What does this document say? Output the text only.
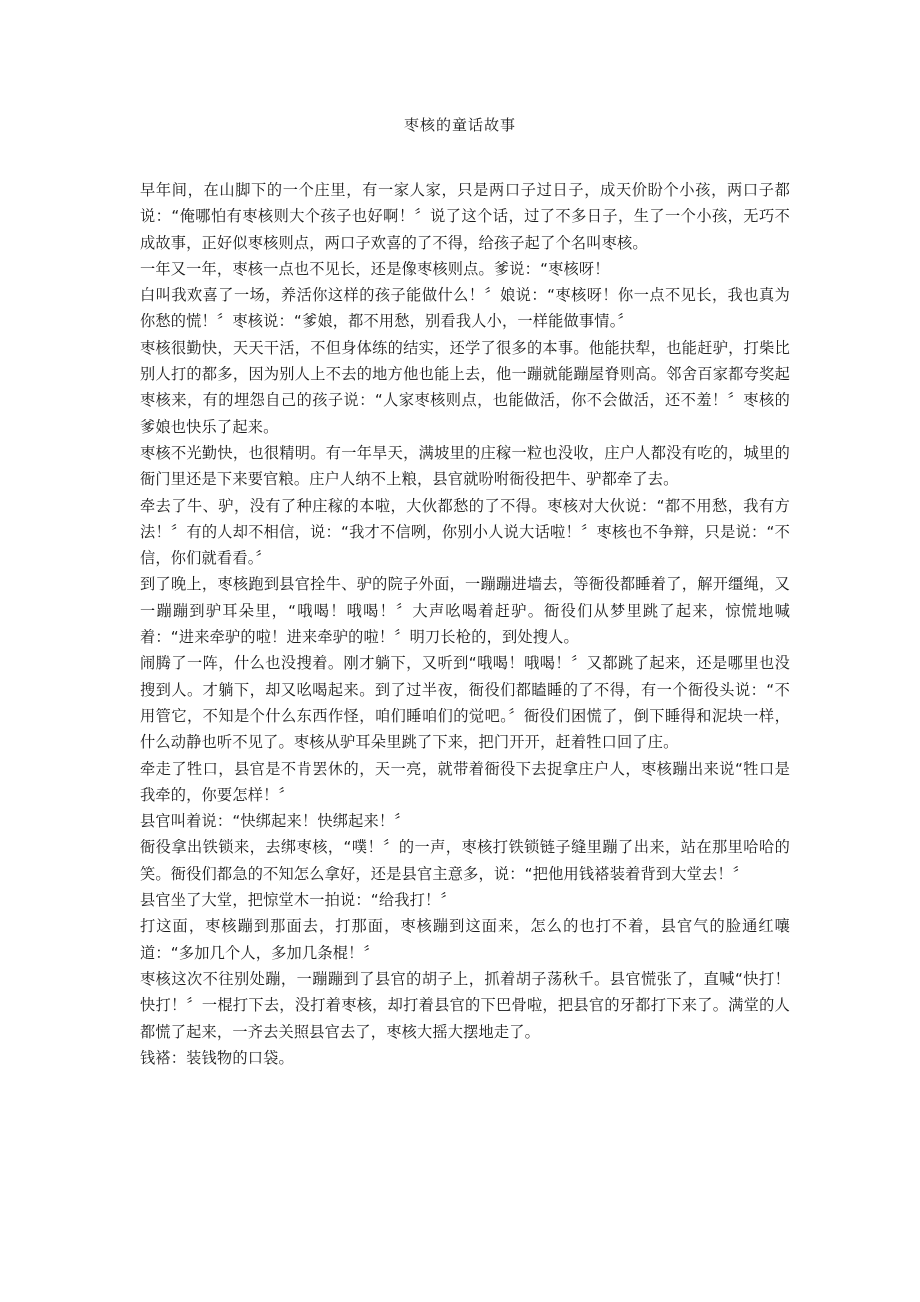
枣核的童话故事

早年间，在山脚下的一个庄里，有一家人家，只是两口子过日子，成天价盼个小孩，两口子都说：“俺哪怕有枣核则大个孩子也好啊！〞说了这个话，过了不多日子，生了一个小孩，无巧不成故事，正好似枣核则点，两口子欢喜的了不得，给孩子起了个名叫枣核。

一年又一年，枣核一点也不见长，还是像枣核则点。爹说：“枣核呀！

白叫我欢喜了一场，养活你这样的孩子能做什么！〞娘说：“枣核呀！你一点不见长，我也真为你愁的慌！〞枣核说：“爹娘，都不用愁，别看我人小，一样能做事情。〞

枣核很勤快，天天干活，不但身体练的结实，还学了很多的本事。他能扶犁，也能赶驴，打柴比别人打的都多，因为别人上不去的地方他也能上去，他一蹦就能蹦屋脊则高。邻舍百家都夸奖起枣核来，有的埋怨自己的孩子说：“人家枣核则点，也能做活，你不会做活，还不羞！〞枣核的爹娘也快乐了起来。

枣核不光勤快，也很精明。有一年旱天，满坡里的庄稼一粒也没收，庄户人都没有吃的，城里的衙门里还是下来要官粮。庄户人纳不上粮，县官就吩咐衙役把牛、驴都牵了去。

牵去了牛、驴，没有了种庄稼的本啦，大伙都愁的了不得。枣核对大伙说：“都不用愁，我有方法！〞有的人却不相信，说：“我才不信咧，你别小人说大话啦！〞枣核也不争辩，只是说：“不信，你们就看看。〞

到了晚上，枣核跑到县官拴牛、驴的院子外面，一蹦蹦进墙去，等衙役都睡着了，解开缰绳，又一蹦蹦到驴耳朵里，“哦喝！哦喝！〞大声吆喝着赶驴。衙役们从梦里跳了起来，惊慌地喊着：“进来牵驴的啦！进来牵驴的啦！〞明刀长枪的，到处搜人。

闹腾了一阵，什么也没搜着。刚才躺下，又听到“哦喝！哦喝！〞又都跳了起来，还是哪里也没搜到人。才躺下，却又吆喝起来。到了过半夜，衙役们都瞌睡的了不得，有一个衙役头说：“不用管它，不知是个什么东西作怪，咱们睡咱们的觉吧。〞衙役们困慌了，倒下睡得和泥块一样，什么动静也听不见了。枣核从驴耳朵里跳了下来，把门开开，赶着牲口回了庄。

牵走了牲口，县官是不肯罢休的，天一亮，就带着衙役下去捉拿庄户人，枣核蹦出来说“牲口是我牵的，你要怎样！〞

县官叫着说：“快绑起来！快绑起来！〞

衙役拿出铁锁来，去绑枣核，“噗！〞的一声，枣核打铁锁链子缝里蹦了出来，站在那里哈哈的笑。衙役们都急的不知怎么拿好，还是县官主意多，说：“把他用钱褡装着背到大堂去！〞

县官坐了大堂，把惊堂木一拍说：“给我打！〞

打这面，枣核蹦到那面去，打那面，枣核蹦到这面来，怎么的也打不着，县官气的脸通红嚷道：“多加几个人，多加几条棍！〞

枣核这次不往别处蹦，一蹦蹦到了县官的胡子上，抓着胡子荡秋千。县官慌张了，直喊“快打！快打！〞一棍打下去，没打着枣核，却打着县官的下巴骨啦，把县官的牙都打下来了。满堂的人都慌了起来，一齐去关照县官去了，枣核大摇大摆地走了。

钱褡：装钱物的口袋。
